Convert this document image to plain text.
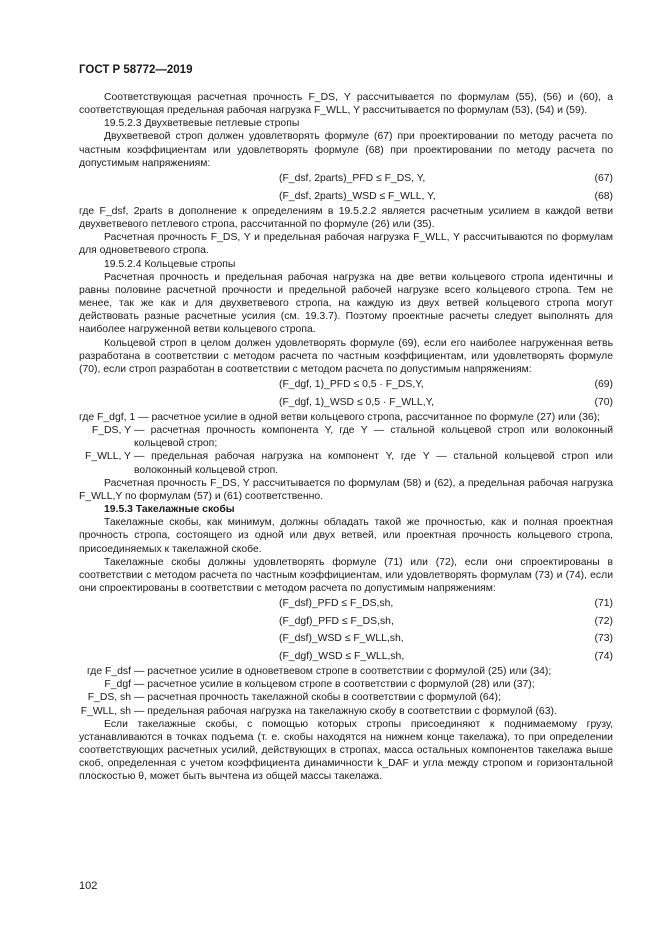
ГОСТ Р 58772—2019

Соответствующая расчетная прочность F_DS, Y рассчитывается по формулам (55), (56) и (60), а соответствующая предельная рабочая нагрузка F_WLL, Y рассчитывается по формулам (53), (54) и (59).

19.5.2.3 Двухветвевые петлевые стропы

Двухветвевой строп должен удовлетворять формуле (67) при проектировании по методу расчета по частным коэффициентам или удовлетворять формуле (68) при проектировании по методу расчета по допустимым напряжениям:

(F_dsf, 2parts)_PFD ≤ F_DS, Y,	(67)
(F_dsf, 2parts)_WSD ≤ F_WLL, Y,	(68)

где F_dsf, 2parts в дополнение к определениям в 19.5.2.2 является расчетным усилием в каждой ветви двухветвевого петлевого стропа, рассчитанной по формуле (26) или (35).

Расчетная прочность F_DS, Y и предельная рабочая нагрузка F_WLL, Y рассчитываются по формулам для одноветвевого стропа.

19.5.2.4 Кольцевые стропы

Расчетная прочность и предельная рабочая нагрузка на две ветви кольцевого стропа идентичны и равны половине расчетной прочности и предельной рабочей нагрузке всего кольцевого стропа. Тем не менее, так же как и для двухветвевого стропа, на каждую из двух ветвей кольцевого стропа могут действовать разные расчетные усилия (см. 19.3.7). Поэтому проектные расчеты следует выполнять для наиболее нагруженной ветви кольцевого стропа.

Кольцевой строп в целом должен удовлетворять формуле (69), если его наиболее нагруженная ветвь разработана в соответствии с методом расчета по частным коэффициентам, или удовлетворять формуле (70), если строп разработан в соответствии с методом расчета по допустимым напряжениям:

(F_dgf, 1)_PFD ≤ 0,5 · F_DS,Y,	(69)
(F_dgf, 1)_WSD ≤ 0,5 · F_WLL,Y,	(70)
где F_dgf, 1 — расчетное усилие в одной ветви кольцевого стропа, рассчитанное по формуле (27) или (36);
F_DS, Y — расчетная прочность компонента Y, где Y — стальной кольцевой строп или волоконный кольцевой строп;
F_WLL, Y — предельная рабочая нагрузка на компонент Y, где Y — стальной кольцевой строп или волоконный кольцевой строп.

Расчетная прочность F_DS, Y рассчитывается по формулам (58) и (62), а предельная рабочая нагрузка F_WLL,Y по формулам (57) и (61) соответственно.

19.5.3 Такелажные скобы

Такелажные скобы, как минимум, должны обладать такой же прочностью, как и полная проектная прочность стропа, состоящего из одной или двух ветвей, или проектная прочность кольцевого стропа, присоединяемых к такелажной скобе.

Такелажные скобы должны удовлетворять формуле (71) или (72), если они спроектированы в соответствии с методом расчета по частным коэффициентам, или удовлетворять формулам (73) и (74), если они спроектированы в соответствии с методом расчета по допустимым напряжениям:

(F_dsf)_PFD ≤ F_DS,sh,	(71)
(F_dgf)_PFD ≤ F_DS,sh,	(72)
(F_dsf)_WSD ≤ F_WLL,sh,	(73)
(F_dgf)_WSD ≤ F_WLL,sh,	(74)
где F_dsf — расчетное усилие в одноветвевом стропе в соответствии с формулой (25) или (34);
F_dgf — расчетное усилие в кольцевом стропе в соответствии с формулой (28) или (37);
F_DS, sh — расчетная прочность такелажной скобы в соответствии с формулой (64);
F_WLL, sh — предельная рабочая нагрузка на такелажную скобу в соответствии с формулой (63).

Если такелажные скобы, с помощью которых стропы присоединяют к поднимаемому грузу, устанавливаются в точках подъема (т. е. скобы находятся на нижнем конце такелажа), то при определении соответствующих расчетных усилий, действующих в стропах, масса остальных компонентов такелажа выше скоб, определенная с учетом коэффициента динамичности k_DAF и угла между стропом и горизонтальной плоскостью θ, может быть вычтена из общей массы такелажа.

102
